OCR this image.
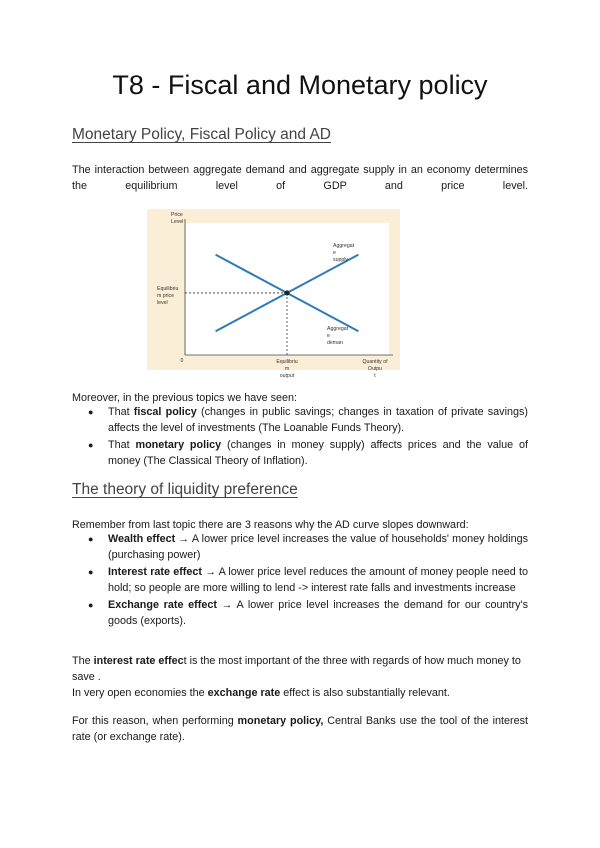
T8 - Fiscal and Monetary policy
Monetary Policy, Fiscal Policy and AD

The interaction between aggregate demand and aggregate supply in an economy determines the equilibrium level of GDP and price level.

Price Level
Equilibriu m price level
0	Equilibriu m output
Quantity of Outpu t
Aggregat e supply
Aggregat e deman

Moreover, in the previous topics we have seen:

● That fiscal policy (changes in public savings; changes in taxation of private savings) affects the level of investments (The Loanable Funds Theory).
● That monetary policy (changes in money supply) affects prices and the value of money (The Classical Theory of Inflation).
The theory of liquidity preference

Remember from last topic there are 3 reasons why the AD curve slopes downward:

● Wealth effect → A lower price level increases the value of households' money holdings (purchasing power)
● Interest rate effect → A lower price level reduces the amount of money people need to hold; so people are more willing to lend -> interest rate falls and investments increase
● Exchange rate effect → A lower price level increases the demand for our country's goods (exports).

The interest rate effect is the most important of the three with regards of how much money to save .
In very open economies the exchange rate effect is also substantially relevant.

For this reason, when performing monetary policy, Central Banks use the tool of the interest rate (or exchange rate).
